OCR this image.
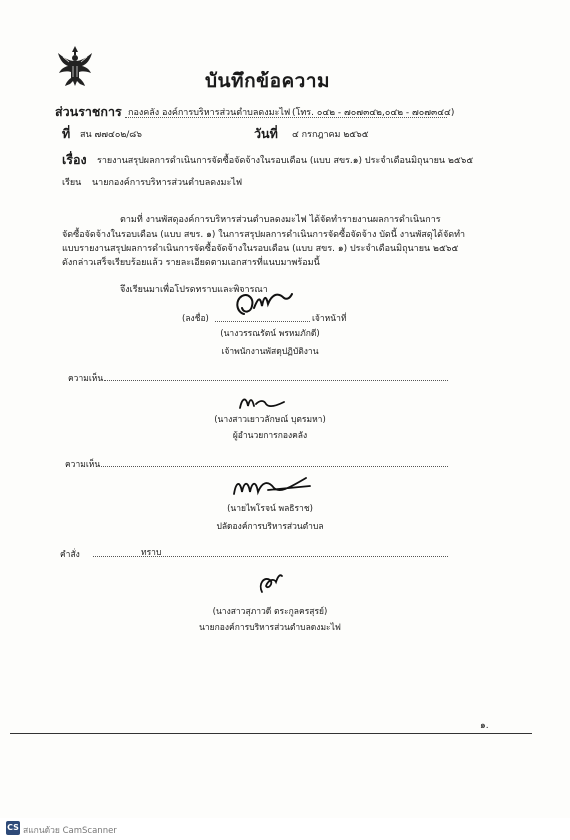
บันทึกข้อความ
ส่วนราชการ กองคลัง องค์การบริหารส่วนตำบลดงมะไฟ (โทร. ๐๔๒ - ๗๐๗๓๔๒,๐๔๒ - ๗๐๗๓๔๔)
ที่ สน ๗๗๔๐๒/๘๖	วันที่ ๔ กรกฎาคม ๒๕๖๕
เรื่อง รายงานสรุปผลการดำเนินการจัดซื้อจัดจ้างในรอบเดือน (แบบ สขร.๑) ประจำเดือนมิถุนายน ๒๕๖๕
เรียน นายกองค์การบริหารส่วนตำบลดงมะไฟ
ตามที่ งานพัสดุองค์การบริหารส่วนตำบลดงมะไฟ ได้จัดทำรายงานผลการดำเนินการ
จัดซื้อจัดจ้างในรอบเดือน (แบบ สขร. ๑) ในการสรุปผลการดำเนินการจัดซื้อจัดจ้าง บัดนี้ งานพัสดุได้จัดทำ
แบบรายงานสรุปผลการดำเนินการจัดซื้อจัดจ้างในรอบเดือน (แบบ สขร. ๑) ประจำเดือนมิถุนายน ๒๕๖๕
ดังกล่าวเสร็จเรียบร้อยแล้ว รายละเอียดตามเอกสารที่แนบมาพร้อมนี้
จึงเรียนมาเพื่อโปรดทราบและพิจารณา
(ลงชื่อ)	เจ้าหน้าที่
(นางวรรณรัตน์ พรหมภักดี)
เจ้าพนักงานพัสดุปฏิบัติงาน
ความเห็น
(นางสาวเยาวลักษณ์ บุตรมหา)
ผู้อำนวยการกองคลัง
ความเห็น
(นายไพโรจน์ พลธิราช)
ปลัดองค์การบริหารส่วนตำบล
คำสั่ง	ทราบ
(นางสาวสุภาวดี ตระกูลครสุรย์)
นายกองค์การบริหารส่วนตำบลดงมะไฟ
๑.
CS สแกนด้วย CamScanner
